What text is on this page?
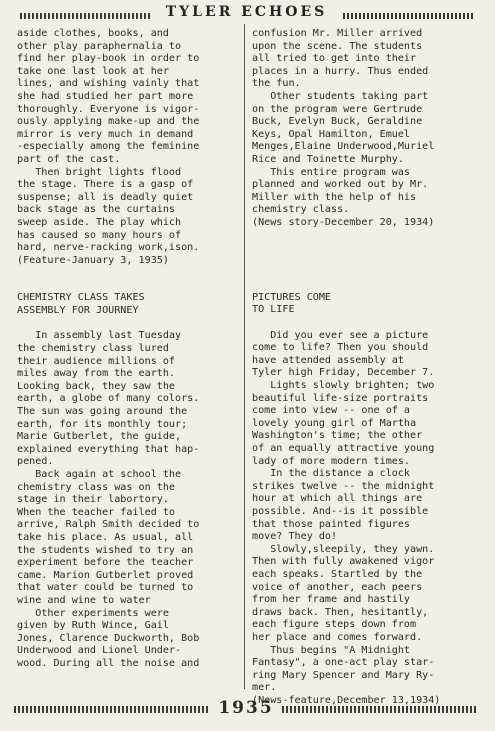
TYLER ECHOES
aside clothes, books, and
other play paraphernalia to
find her play-book in order to
take one last look at her
lines, and wishing vainly that
she had studied her part more
thoroughly. Everyone is vigor-
ously applying make-up and the
mirror is very much in demand
-especially among the feminine
part of the cast.
Then bright lights flood
the stage. There is a gasp of
suspense; all is deadly quiet
back stage as the curtains
sweep aside. The play which
has caused so many hours of
hard, nerve-racking work,ison.
(Feature-January 3, 1935)
CHEMISTRY CLASS TAKES
ASSEMBLY FOR JOURNEY
In assembly last Tuesday
the chemistry class lured
their audience millions of
miles away from the earth.
Looking back, they saw the
earth, a globe of many colors.
The sun was going around the
earth, for its monthly tour;
Marie Gutberlet, the guide,
explained everything that hap-
pened.
Back again at school the
chemistry class was on the
stage in their labortory.
When the teacher failed to
arrive, Ralph Smith decided to
take his place. As usual, all
the students wished to try an
experiment before the teacher
came. Marion Gutberlet proved
that water could be turned to
wine and wine to water
Other experiments were
given by Ruth Wince, Gail
Jones, Clarence Duckworth, Bob
Underwood and Lionel Under-
wood. During all the noise and
confusion Mr. Miller arrived
upon the scene. The students
all tried to get into their
places in a hurry. Thus ended
the fun.
Other students taking part
on the program were Gertrude
Buck, Evelyn Buck, Geraldine
Keys, Opal Hamilton, Emuel
Menges,Elaine Underwood,Muriel
Rice and Toinette Murphy.
This entire program was
planned and worked out by Mr.
Miller with the help of his
chemistry class.
(News story-December 20, 1934)
PICTURES COME
TO LIFE
Did you ever see a picture
come to life? Then you should
have attended assembly at
Tyler high Friday, December 7.
Lights slowly brighten; two
beautiful life-size portraits
come into view -- one of a
lovely young girl of Martha
Washington's time; the other
of an equally attractive young
lady of more modern times.
In the distance a clock
strikes twelve -- the midnight
hour at which all things are
possible. And--is it possible
that those painted figures
move? They do!
Slowly,sleepily, they yawn.
Then with fully awakened vigor
each speaks. Startled by the
voice of another, each peers
from her frame and hastily
draws back. Then, hesitantly,
each figure steps down from
her place and comes forward.
Thus begins "A Midnight
Fantasy", a one-act play star-
ring Mary Spencer and Mary Ry-
mer.
(News-feature,December 13,1934)
1935
